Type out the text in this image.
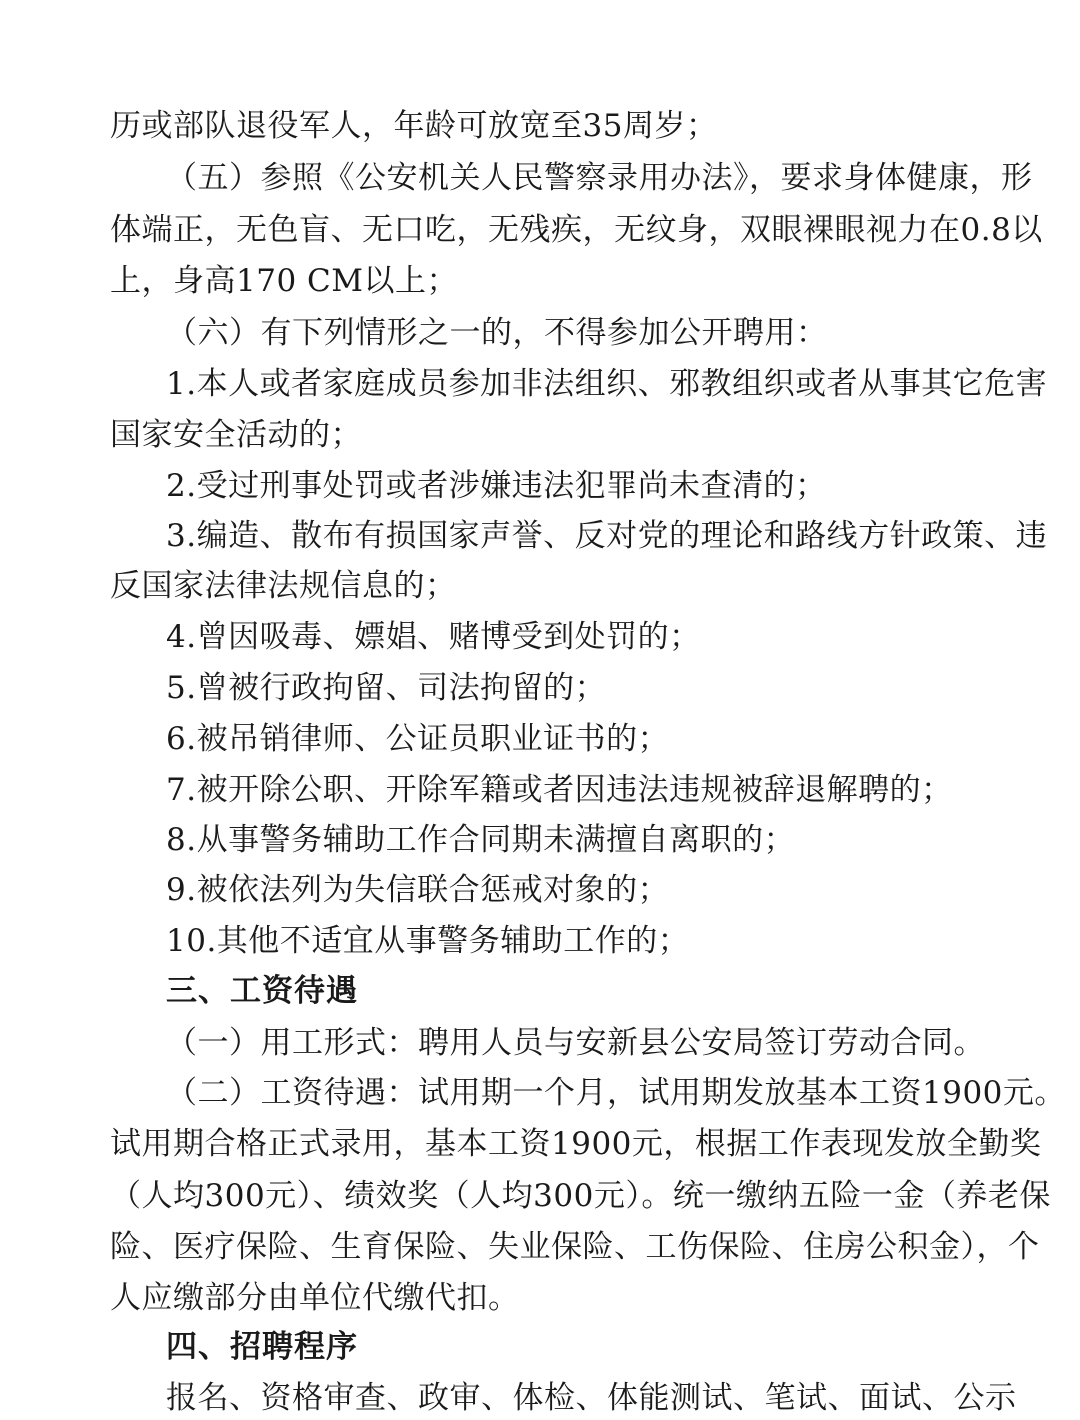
历或部队退役军人，年龄可放宽至35周岁；
（五）参照《公安机关人民警察录用办法》，要求身体健康，形
体端正，无色盲、无口吃，无残疾，无纹身，双眼裸眼视力在0.8以
上，身高170 CM以上；
（六）有下列情形之一的，不得参加公开聘用：
1.本人或者家庭成员参加非法组织、邪教组织或者从事其它危害
国家安全活动的；
2.受过刑事处罚或者涉嫌违法犯罪尚未查清的；
3.编造、散布有损国家声誉、反对党的理论和路线方针政策、违
反国家法律法规信息的；
4.曾因吸毒、嫖娼、赌博受到处罚的；
5.曾被行政拘留、司法拘留的；
6.被吊销律师、公证员职业证书的；
7.被开除公职、开除军籍或者因违法违规被辞退解聘的；
8.从事警务辅助工作合同期未满擅自离职的；
9.被依法列为失信联合惩戒对象的；
10.其他不适宜从事警务辅助工作的；
三、工资待遇
（一）用工形式：聘用人员与安新县公安局签订劳动合同。
（二）工资待遇：试用期一个月，试用期发放基本工资1900元。
试用期合格正式录用，基本工资1900元，根据工作表现发放全勤奖
（人均300元）、绩效奖（人均300元）。统一缴纳五险一金（养老保
险、医疗保险、生育保险、失业保险、工伤保险、住房公积金），个
人应缴部分由单位代缴代扣。
四、招聘程序
报名、资格审查、政审、体检、体能测试、笔试、面试、公示
